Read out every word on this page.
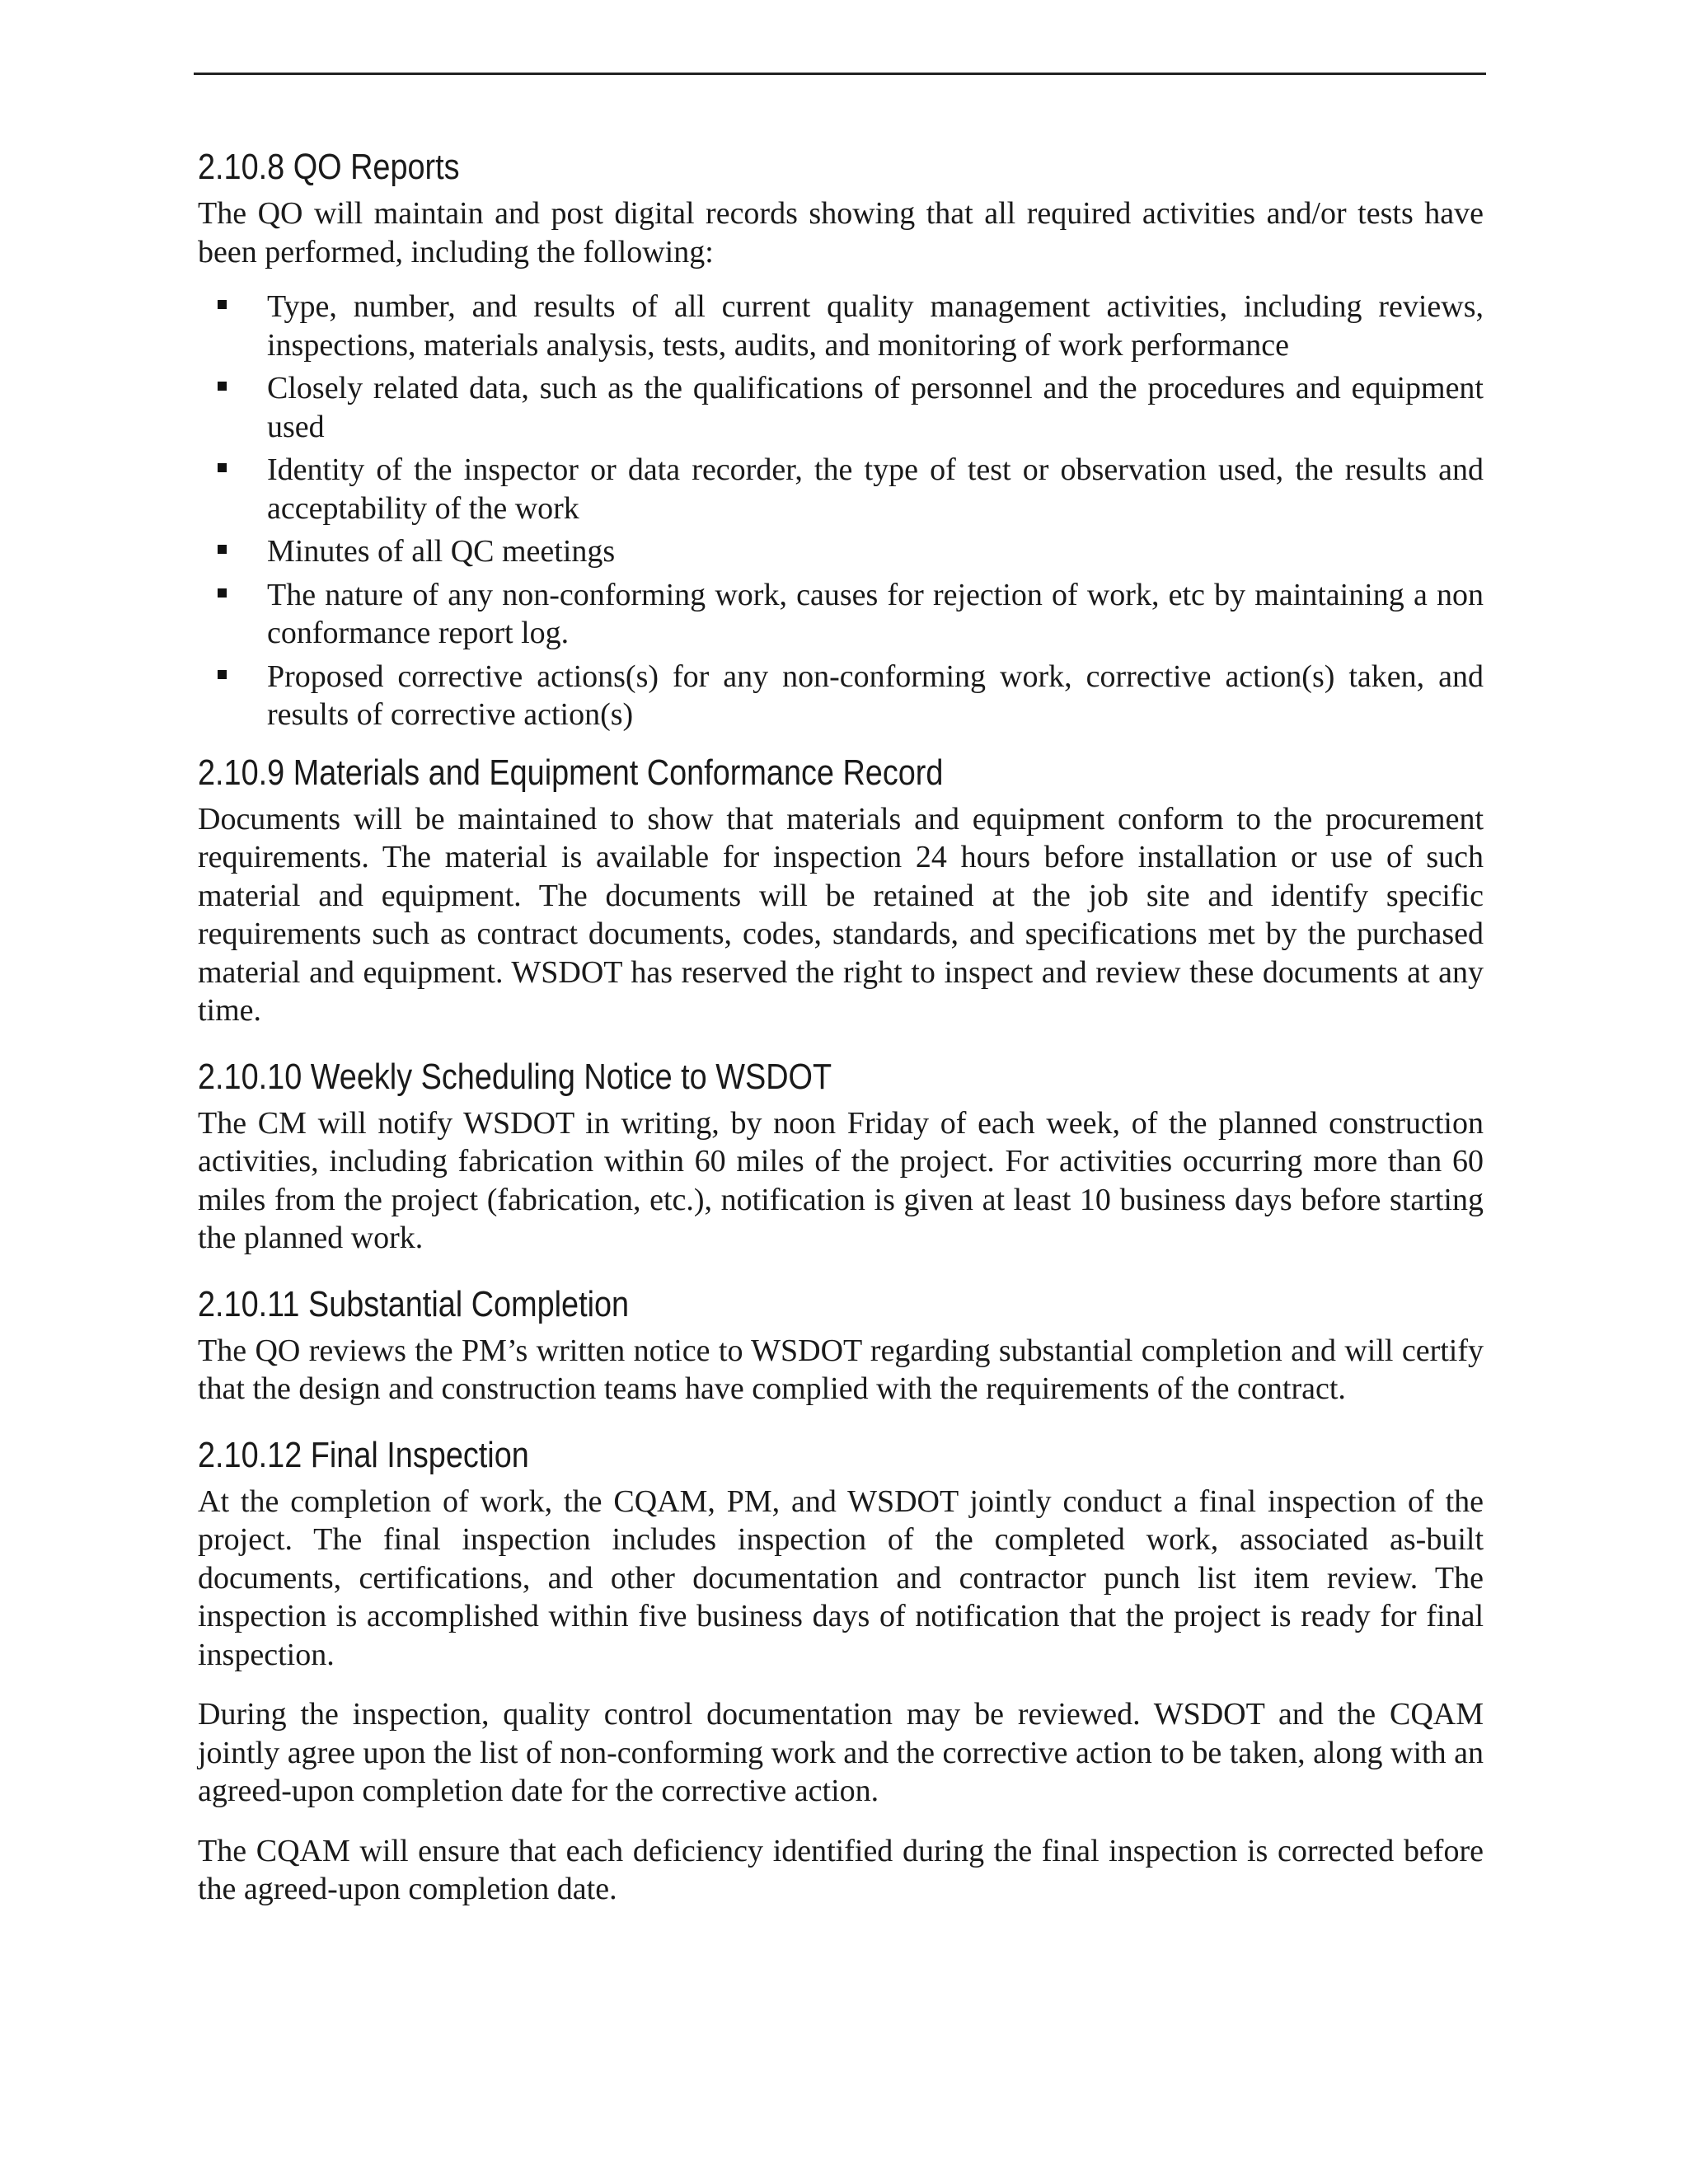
2.10.8 QO Reports

The QO will maintain and post digital records showing that all required activities and/or tests have been performed, including the following:

Type, number, and results of all current quality management activities, including reviews, inspections, materials analysis, tests, audits, and monitoring of work performance
Closely related data, such as the qualifications of personnel and the procedures and equipment used
Identity of the inspector or data recorder, the type of test or observation used, the results and acceptability of the work
Minutes of all QC meetings
The nature of any non-conforming work, causes for rejection of work, etc by maintaining a non conformance report log.
Proposed corrective actions(s) for any non-conforming work, corrective action(s) taken, and results of corrective action(s)
2.10.9 Materials and Equipment Conformance Record

Documents will be maintained to show that materials and equipment conform to the procurement requirements. The material is available for inspection 24 hours before installation or use of such material and equipment. The documents will be retained at the job site and identify specific requirements such as contract documents, codes, standards, and specifications met by the purchased material and equipment. WSDOT has reserved the right to inspect and review these documents at any time.

2.10.10 Weekly Scheduling Notice to WSDOT

The CM will notify WSDOT in writing, by noon Friday of each week, of the planned construction activities, including fabrication within 60 miles of the project. For activities occurring more than 60 miles from the project (fabrication, etc.), notification is given at least 10 business days before starting the planned work.

2.10.11 Substantial Completion

The QO reviews the PM’s written notice to WSDOT regarding substantial completion and will certify that the design and construction teams have complied with the requirements of the contract.

2.10.12 Final Inspection

At the completion of work, the CQAM, PM, and WSDOT jointly conduct a final inspection of the project. The final inspection includes inspection of the completed work, associated as-built documents, certifications, and other documentation and contractor punch list item review. The inspection is accomplished within five business days of notification that the project is ready for final inspection.

During the inspection, quality control documentation may be reviewed. WSDOT and the CQAM jointly agree upon the list of non-conforming work and the corrective action to be taken, along with an agreed-upon completion date for the corrective action.

The CQAM will ensure that each deficiency identified during the final inspection is corrected before the agreed-upon completion date.
